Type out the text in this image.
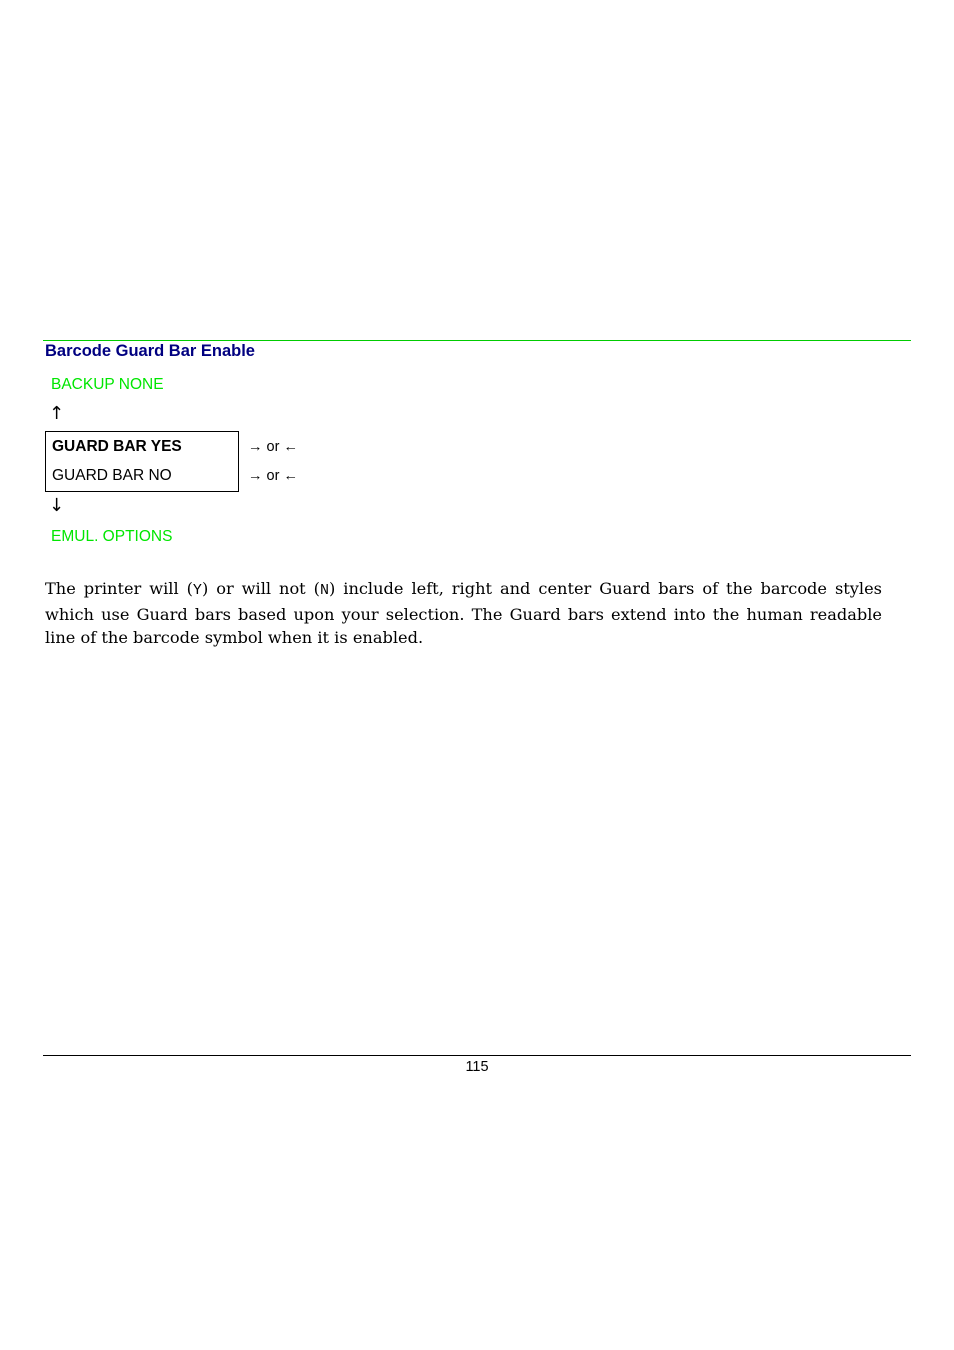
Barcode Guard Bar Enable
BACKUP NONE
↑
GUARD BAR YES
GUARD BAR NO
→ or ←
→ or ←
↓
EMUL. OPTIONS

The printer will (Y) or will not (N) include left, right and center Guard bars of the barcode styles which use Guard bars based upon your selection. The Guard bars extend into the human readable line of the barcode symbol when it is enabled.

115
